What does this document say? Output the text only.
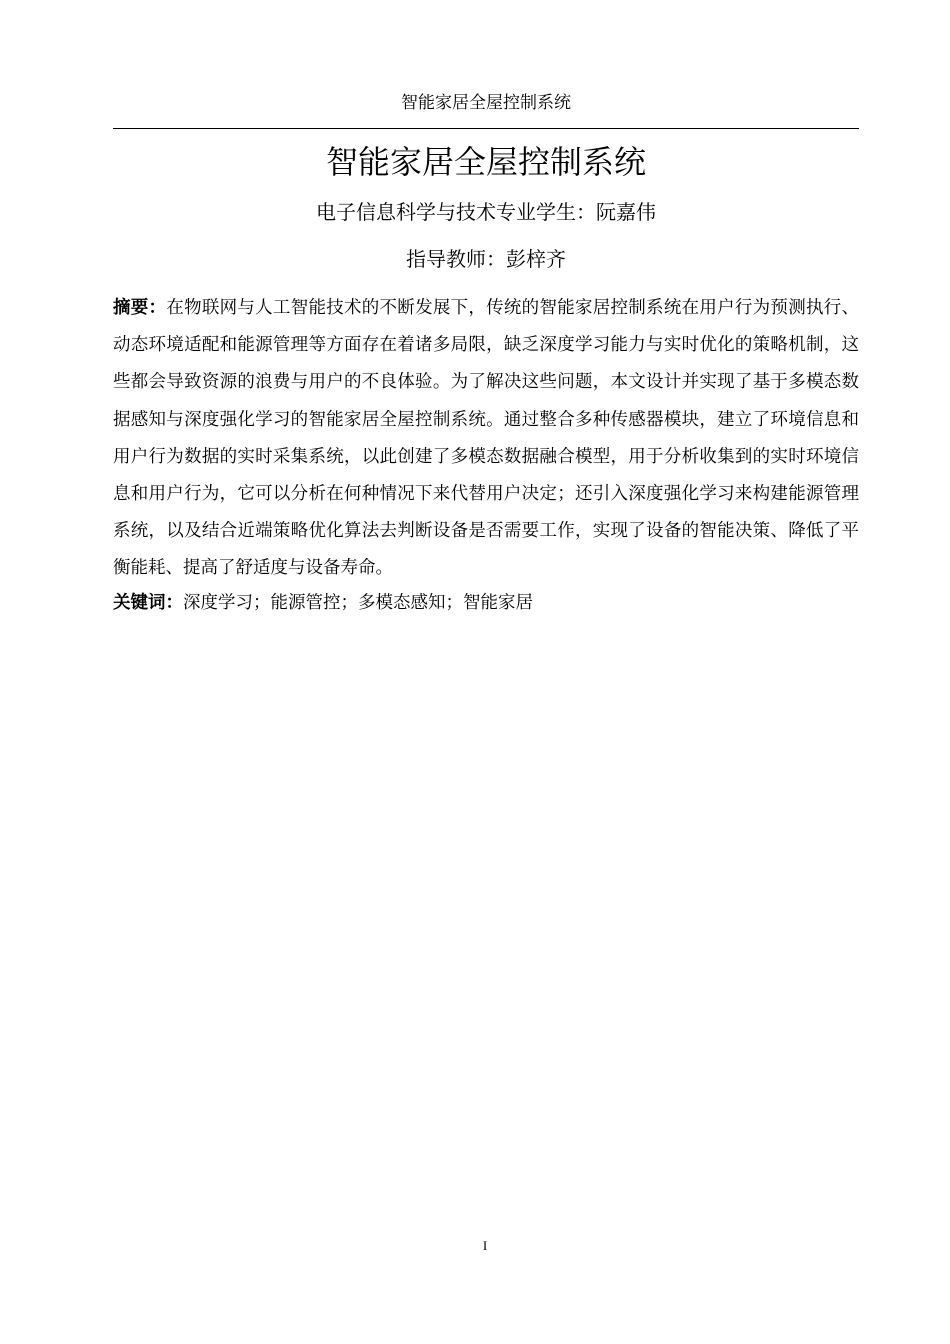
智能家居全屋控制系统
智能家居全屋控制系统
电子信息科学与技术专业学生：阮嘉伟
指导教师：彭梓齐

摘要：在物联网与人工智能技术的不断发展下，传统的智能家居控制系统在用户行为预测执行、动态环境适配和能源管理等方面存在着诸多局限，缺乏深度学习能力与实时优化的策略机制，这些都会导致资源的浪费与用户的不良体验。为了解决这些问题，本文设计并实现了基于多模态数据感知与深度强化学习的智能家居全屋控制系统。通过整合多种传感器模块，建立了环境信息和用户行为数据的实时采集系统，以此创建了多模态数据融合模型，用于分析收集到的实时环境信息和用户行为，它可以分析在何种情况下来代替用户决定；还引入深度强化学习来构建能源管理系统，以及结合近端策略优化算法去判断设备是否需要工作，实现了设备的智能决策、降低了平衡能耗、提高了舒适度与设备寿命。

关键词：深度学习；能源管控；多模态感知；智能家居

I
